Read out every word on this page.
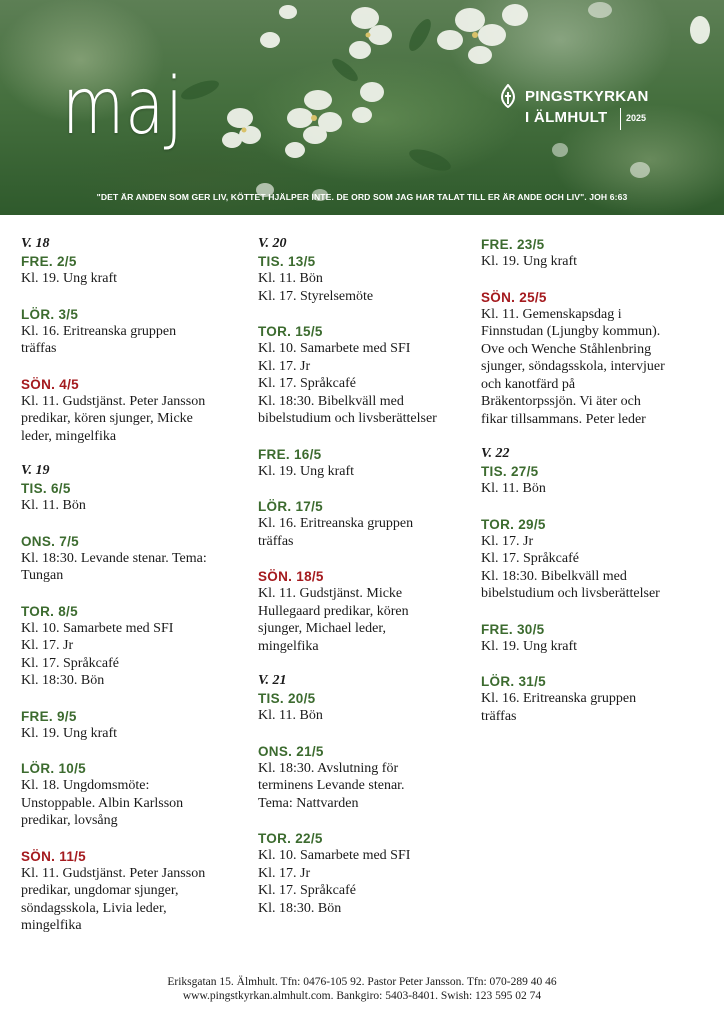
maj	PINGSTKYRKAN
I ÄLMHULT 2025
"DET ÄR ANDEN SOM GER LIV, KÖTTET HJÄLPER INTE. DE ORD SOM JAG HAR TALAT TILL ER ÄR ANDE OCH LIV". JOH 6:63
V. 18
FRE. 2/5
Kl. 19. Ung kraft
LÖR. 3/5
Kl. 16. Eritreanska gruppen
träffas
SÖN. 4/5
Kl. 11. Gudstjänst. Peter Jansson
predikar, kören sjunger, Micke
leder, mingelfika
V. 19
TIS. 6/5
Kl. 11. Bön
ONS. 7/5
Kl. 18:30. Levande stenar. Tema:
Tungan
TOR. 8/5
Kl. 10. Samarbete med SFI
Kl. 17. Jr
Kl. 17. Språkcafé
Kl. 18:30. Bön
FRE. 9/5
Kl. 19. Ung kraft
LÖR. 10/5
Kl. 18. Ungdomsmöte:
Unstoppable. Albin Karlsson
predikar, lovsång
SÖN. 11/5
Kl. 11. Gudstjänst. Peter Jansson
predikar, ungdomar sjunger,
söndagsskola, Livia leder,
mingelfika
V. 20
TIS. 13/5
Kl. 11. Bön
Kl. 17. Styrelsemöte
TOR. 15/5
Kl. 10. Samarbete med SFI
Kl. 17. Jr
Kl. 17. Språkcafé
Kl. 18:30. Bibelkväll med
bibelstudium och livsberättelser
FRE. 16/5
Kl. 19. Ung kraft
LÖR. 17/5
Kl. 16. Eritreanska gruppen
träffas
SÖN. 18/5
Kl. 11. Gudstjänst. Micke
Hullegaard predikar, kören
sjunger, Michael leder,
mingelfika
V. 21
TIS. 20/5
Kl. 11. Bön
ONS. 21/5
Kl. 18:30. Avslutning för
terminens Levande stenar.
Tema: Nattvarden
TOR. 22/5
Kl. 10. Samarbete med SFI
Kl. 17. Jr
Kl. 17. Språkcafé
Kl. 18:30. Bön
FRE. 23/5
Kl. 19. Ung kraft
SÖN. 25/5
Kl. 11. Gemenskapsdag i
Finnstudan (Ljungby kommun).
Ove och Wenche Ståhlenbring
sjunger, söndagsskola, intervjuer
och kanotfärd på
Bräkentorpssjön. Vi äter och
fikar tillsammans. Peter leder
V. 22
TIS. 27/5
Kl. 11. Bön
TOR. 29/5
Kl. 17. Jr
Kl. 17. Språkcafé
Kl. 18:30. Bibelkväll med
bibelstudium och livsberättelser
FRE. 30/5
Kl. 19. Ung kraft
LÖR. 31/5
Kl. 16. Eritreanska gruppen
träffas
Eriksgatan 15. Älmhult. Tfn: 0476-105 92. Pastor Peter Jansson. Tfn: 070-289 40 46
www.pingstkyrkan.almhult.com. Bankgiro: 5403-8401. Swish: 123 595 02 74
